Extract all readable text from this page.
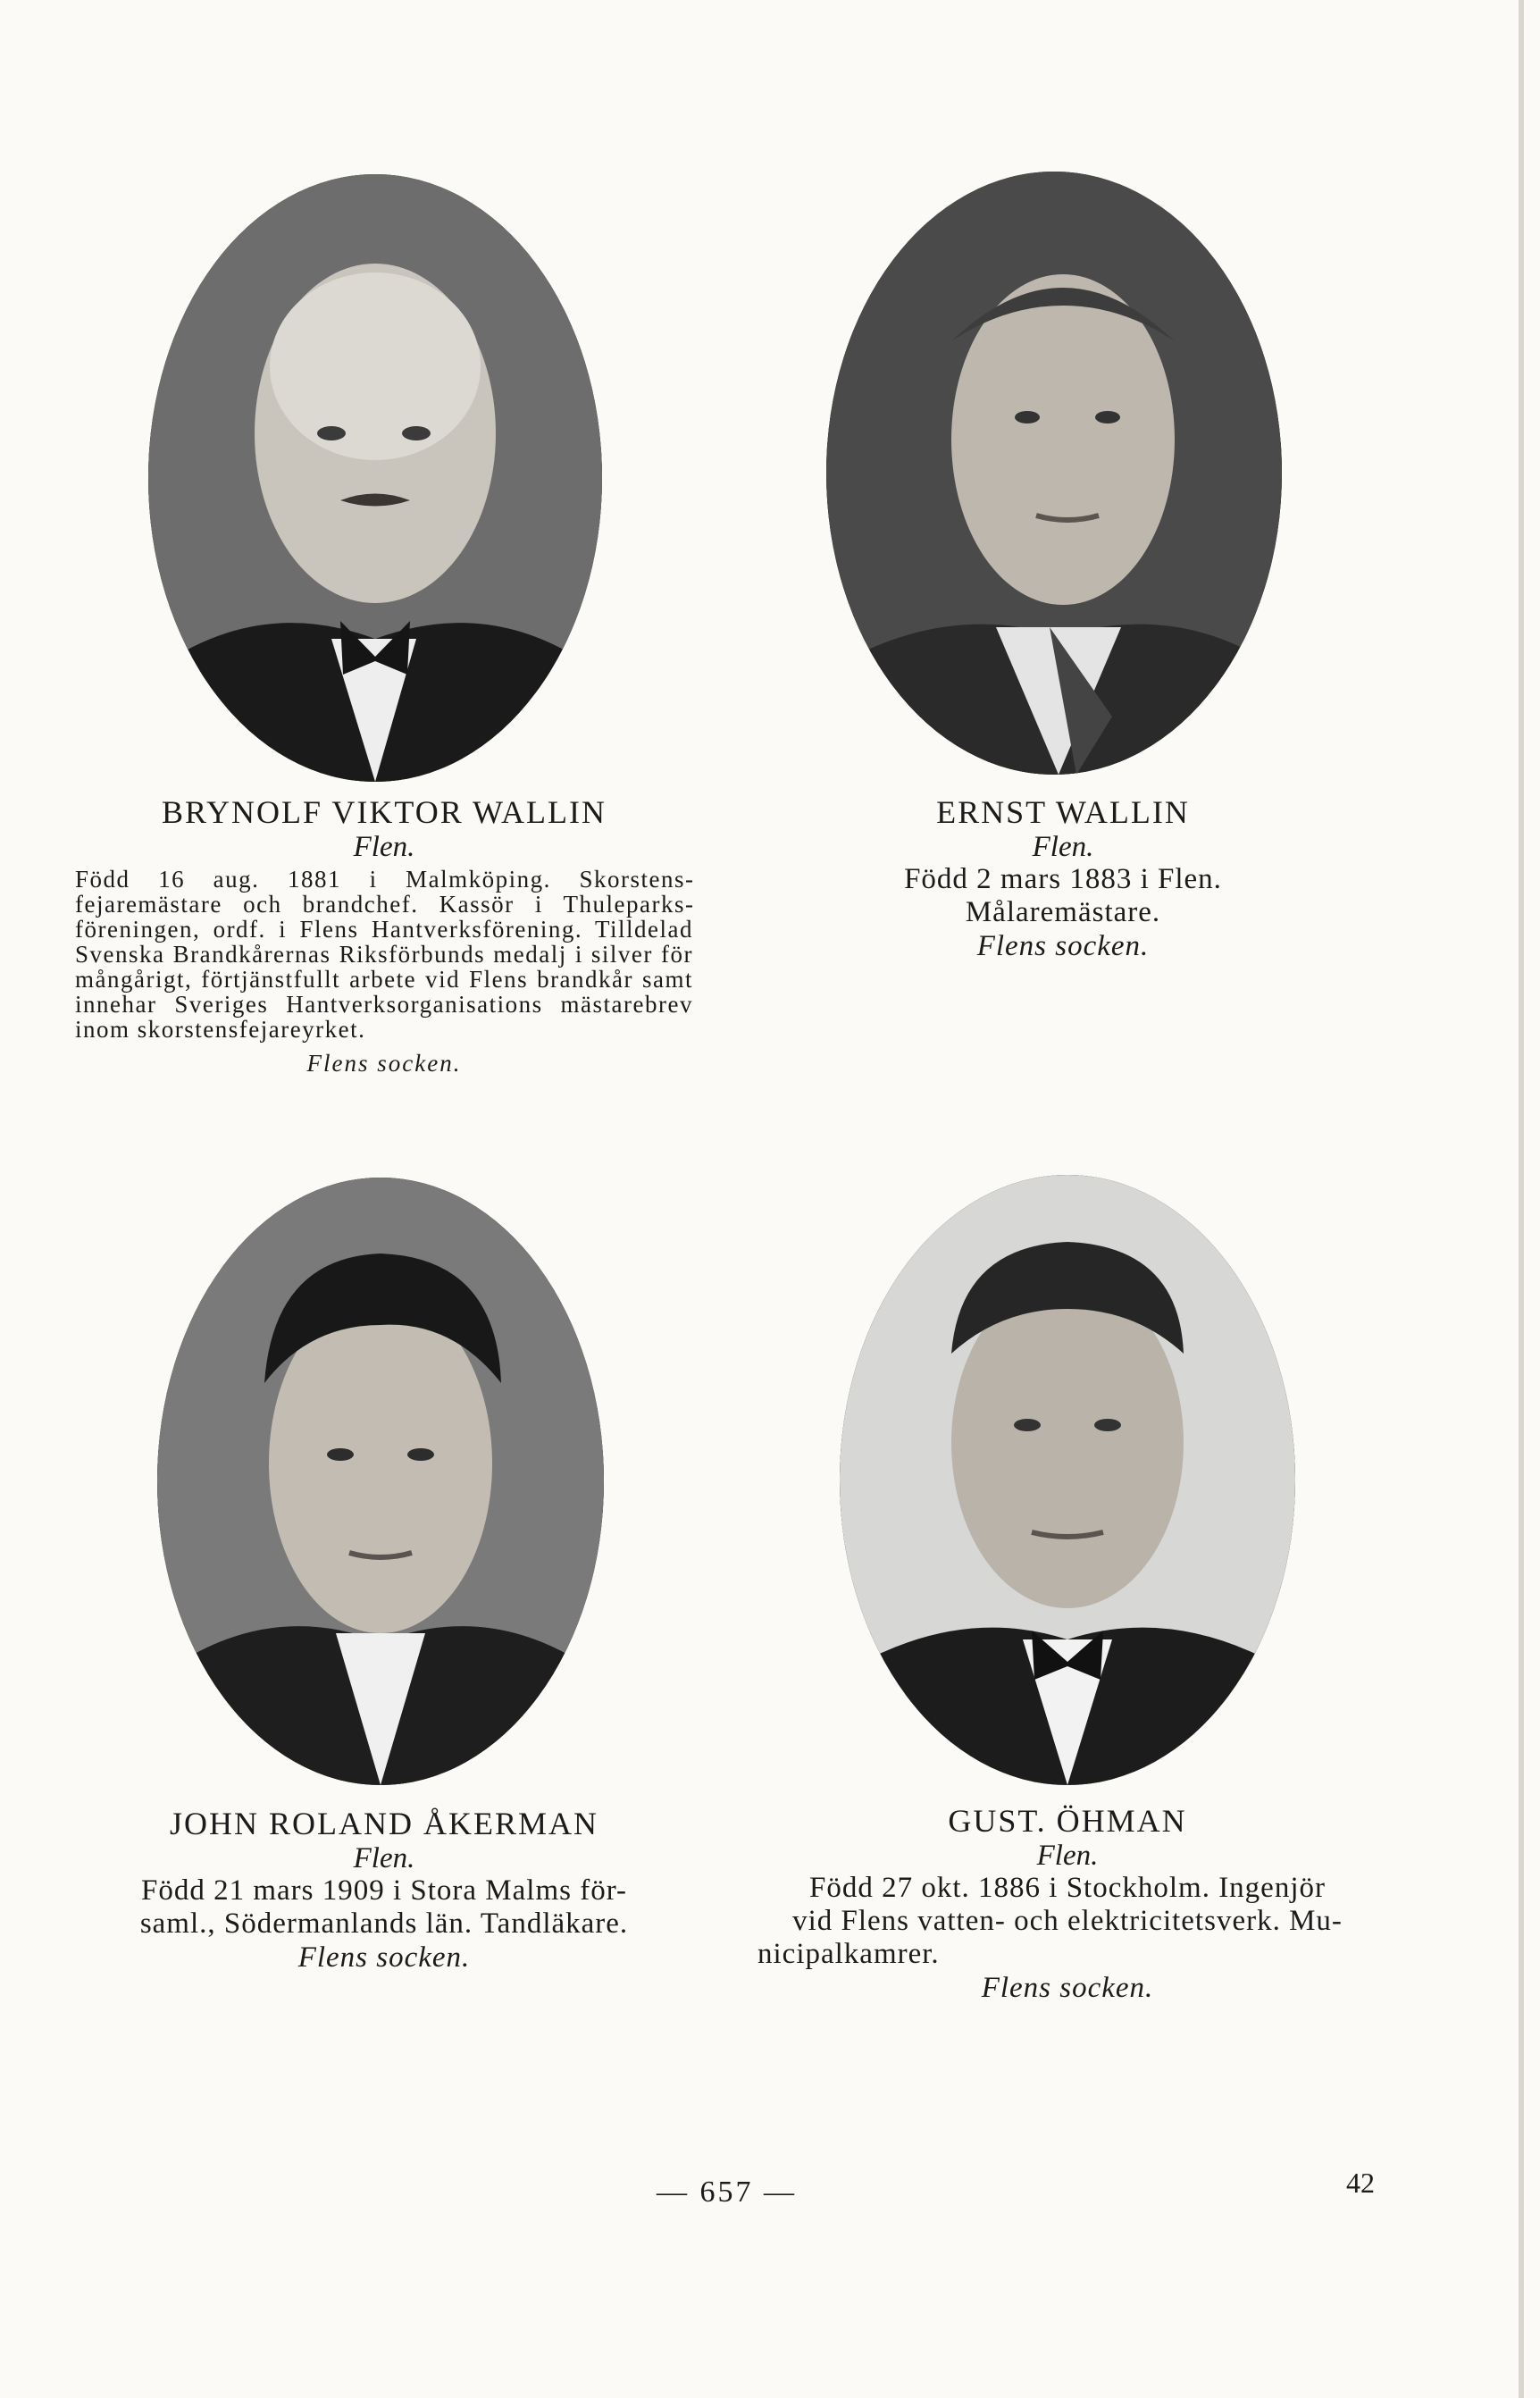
BRYNOLF VIKTOR WALLIN
Flen.
Född 16 aug. 1881 i Malmköping. Skorstensfejaremästare och brandchef. Kassör i Thuleparksföreningen, ordf. i Flens Hantverksförening. Tilldelad Svenska Brandkårernas Riksförbunds medalj i silver för mångårigt, förtjänstfullt arbete vid Flens brandkår samt innehar Sveriges Hantverksorganisations mästarebrev inom skorstensfejareyrket.
Flens socken.
ERNST WALLIN
Flen.
Född 2 mars 1883 i Flen.
Målaremästare.
Flens socken.
JOHN ROLAND ÅKERMAN
Flen.
Född 21 mars 1909 i Stora Malms för-
saml., Södermanlands län. Tandläkare.
Flens socken.
GUST. ÖHMAN
Flen.
Född 27 okt. 1886 i Stockholm. Ingenjör
vid Flens vatten- och elektricitetsverk. Mu-
nicipalkamrer.
Flens socken.
— 657 —	42
